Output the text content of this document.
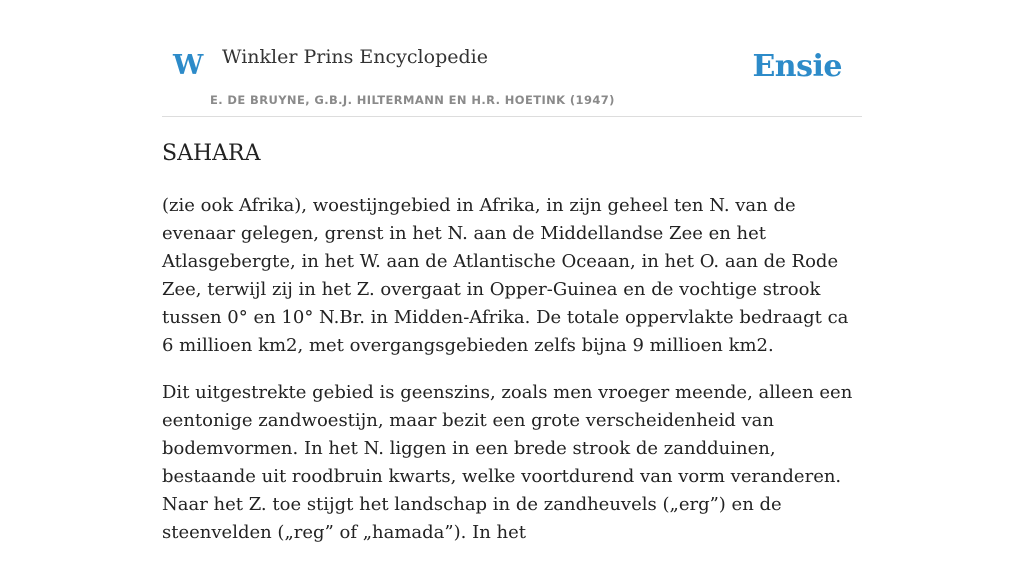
W Winkler Prins Encyclopedie
E. DE BRUYNE, G.B.J. HILTERMANN EN H.R. HOETINK (1947)
Ensie
SAHARA

(zie ook Afrika), woestijngebied in Afrika, in zijn geheel ten N. van de evenaar gelegen, grenst in het N. aan de Middellandse Zee en het Atlasgebergte, in het W. aan de Atlantische Oceaan, in het O. aan de Rode Zee, terwijl zij in het Z. overgaat in Opper-Guinea en de vochtige strook tussen 0° en 10° N.Br. in Midden-Afrika. De totale oppervlakte bedraagt ca 6 millioen km2, met overgangsgebieden zelfs bijna 9 millioen km2.

Dit uitgestrekte gebied is geenszins, zoals men vroeger meende, alleen een eentonige zandwoestijn, maar bezit een grote verscheidenheid van bodemvormen. In het N. liggen in een brede strook de zandduinen, bestaande uit roodbruin kwarts, welke voortdurend van vorm veranderen. Naar het Z. toe stijgt het landschap in de zandheuvels („erg”) en de steenvelden („reg” of „hamada”). In het
